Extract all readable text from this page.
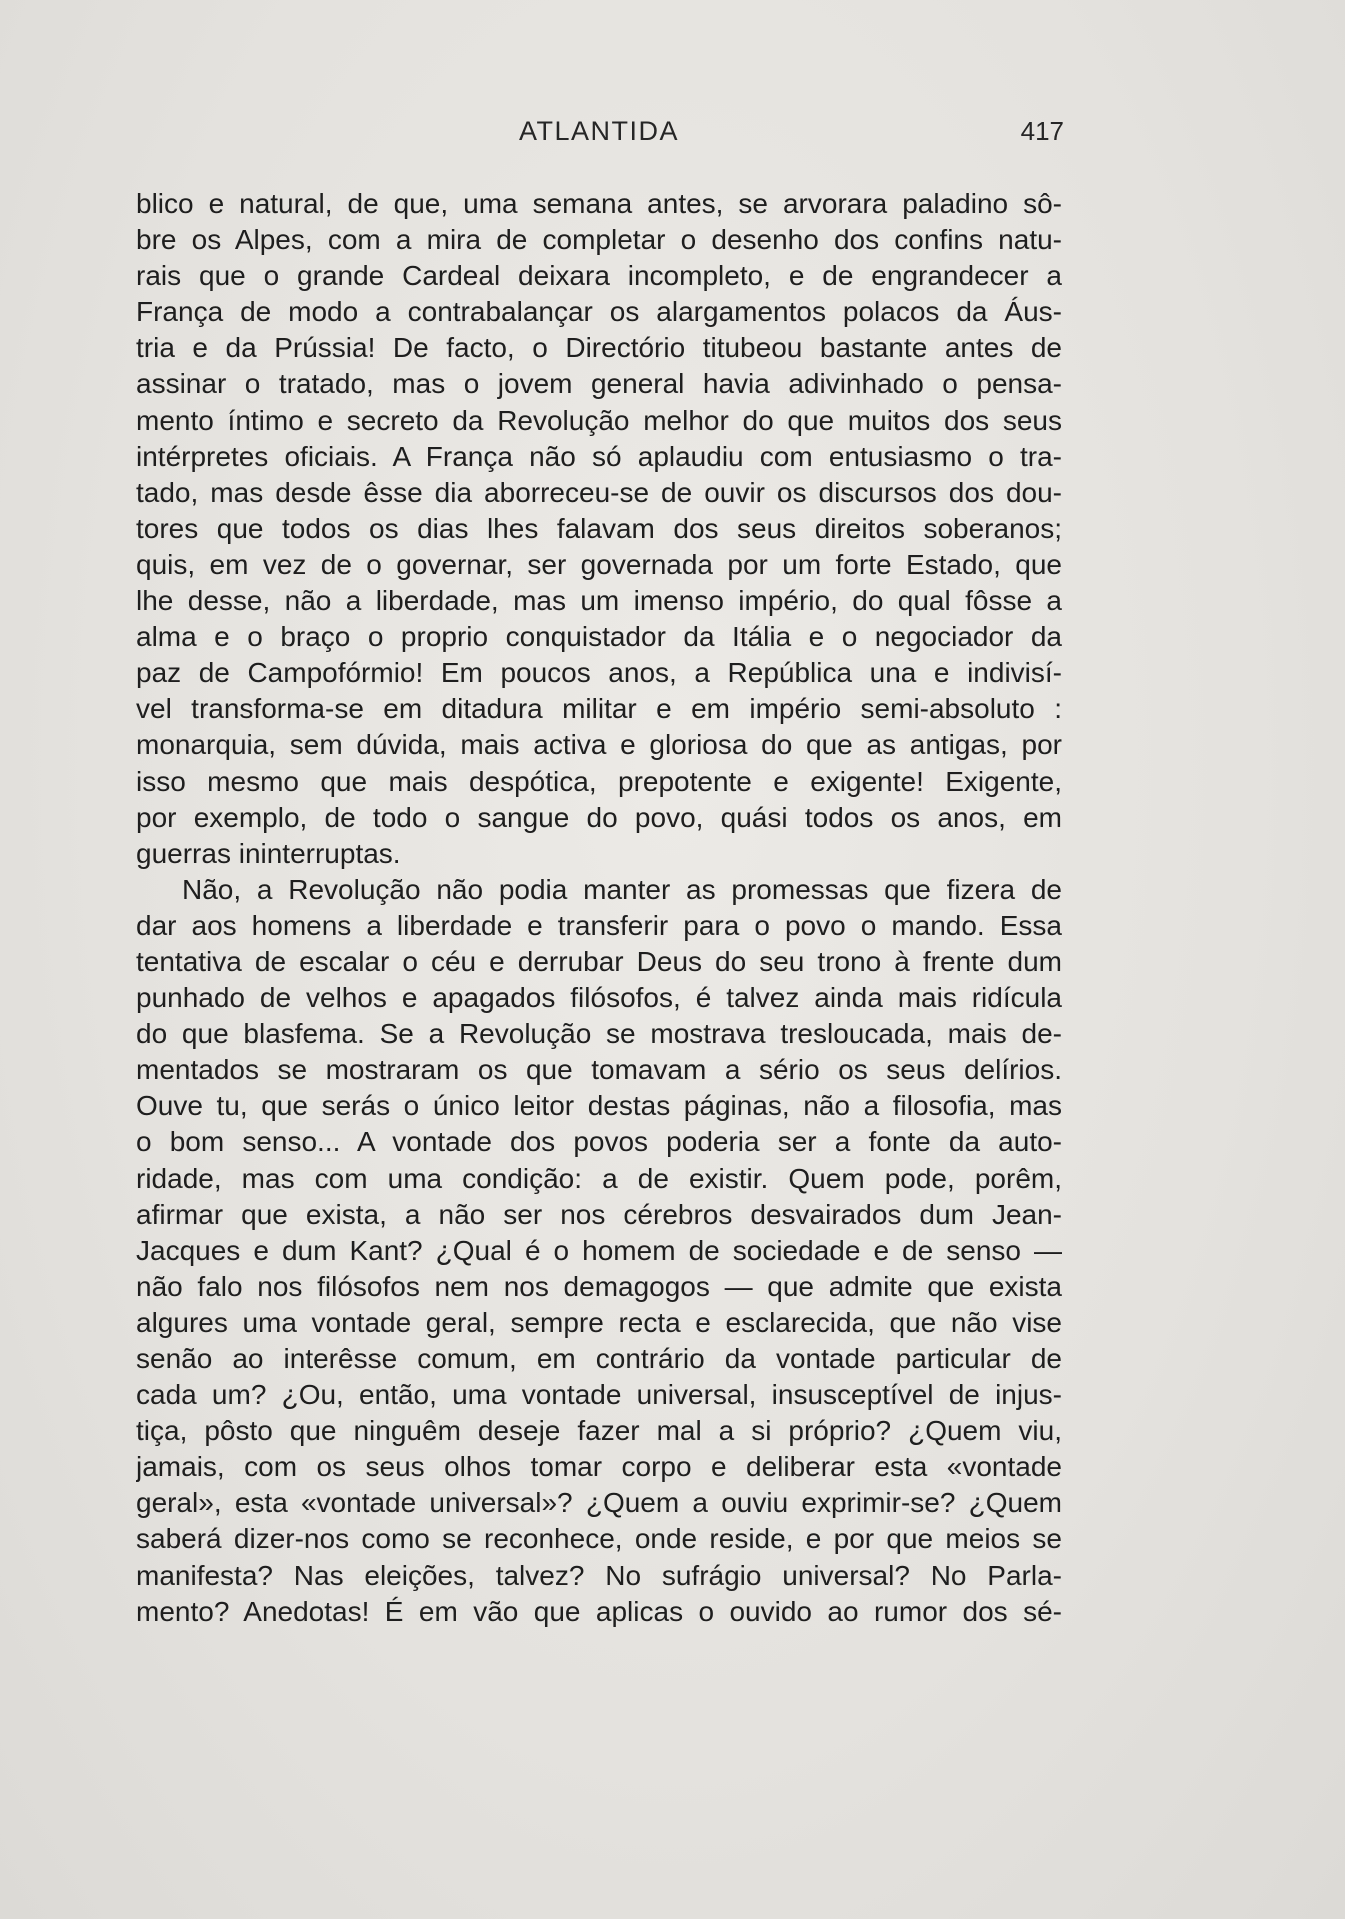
ATLANTIDA	417
blico e natural, de que, uma semana antes, se arvorara paladino sô-
bre os Alpes, com a mira de completar o desenho dos confins natu-
rais que o grande Cardeal deixara incompleto, e de engrandecer a
França de modo a contrabalançar os alargamentos polacos da Áus-
tria e da Prússia! De facto, o Directório titubeou bastante antes de
assinar o tratado, mas o jovem general havia adivinhado o pensa-
mento íntimo e secreto da Revolução melhor do que muitos dos seus
intérpretes oficiais. A França não só aplaudiu com entusiasmo o tra-
tado, mas desde êsse dia aborreceu-se de ouvir os discursos dos dou-
tores que todos os dias lhes falavam dos seus direitos soberanos;
quis, em vez de o governar, ser governada por um forte Estado, que
lhe desse, não a liberdade, mas um imenso império, do qual fôsse a
alma e o braço o proprio conquistador da Itália e o negociador da
paz de Campofórmio! Em poucos anos, a República una e indivisí-
vel transforma-se em ditadura militar e em império semi-absoluto :
monarquia, sem dúvida, mais activa e gloriosa do que as antigas, por
isso mesmo que mais despótica, prepotente e exigente! Exigente,
por exemplo, de todo o sangue do povo, quási todos os anos, em
guerras ininterruptas.
Não, a Revolução não podia manter as promessas que fizera de
dar aos homens a liberdade e transferir para o povo o mando. Essa
tentativa de escalar o céu e derrubar Deus do seu trono à frente dum
punhado de velhos e apagados filósofos, é talvez ainda mais ridícula
do que blasfema. Se a Revolução se mostrava tresloucada, mais de-
mentados se mostraram os que tomavam a sério os seus delírios.
Ouve tu, que serás o único leitor destas páginas, não a filosofia, mas
o bom senso... A vontade dos povos poderia ser a fonte da auto-
ridade, mas com uma condição: a de existir. Quem pode, porêm,
afirmar que exista, a não ser nos cérebros desvairados dum Jean-
Jacques e dum Kant? ¿Qual é o homem de sociedade e de senso —
não falo nos filósofos nem nos demagogos — que admite que exista
algures uma vontade geral, sempre recta e esclarecida, que não vise
senão ao interêsse comum, em contrário da vontade particular de
cada um? ¿Ou, então, uma vontade universal, insusceptível de injus-
tiça, pôsto que ninguêm deseje fazer mal a si próprio? ¿Quem viu,
jamais, com os seus olhos tomar corpo e deliberar esta «vontade
geral», esta «vontade universal»? ¿Quem a ouviu exprimir-se? ¿Quem
saberá dizer-nos como se reconhece, onde reside, e por que meios se
manifesta? Nas eleições, talvez? No sufrágio universal? No Parla-
mento? Anedotas! É em vão que aplicas o ouvido ao rumor dos sé-
